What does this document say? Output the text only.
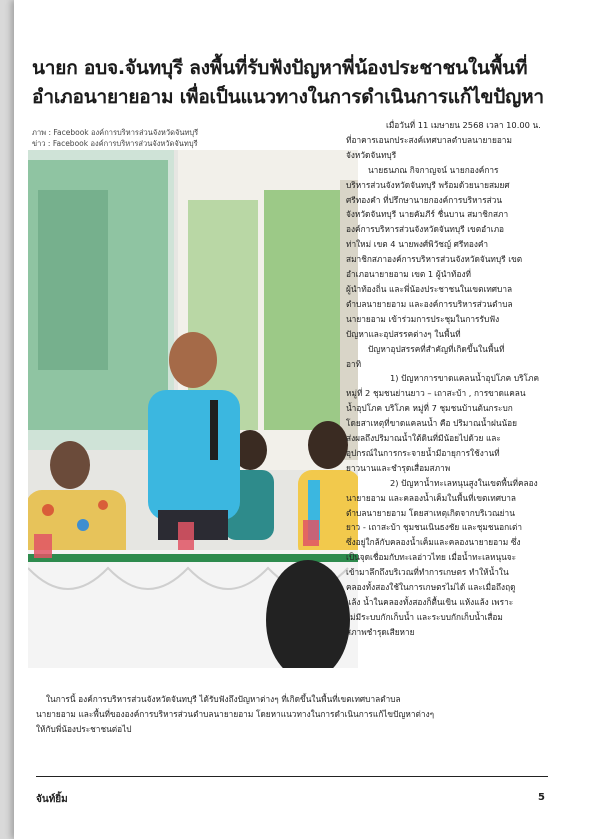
นายก อบจ.จันทบุรี ลงพื้นที่รับฟังปัญหาพี่น้องประชาชนในพื้นที่
อำเภอนายายอาม เพื่อเป็นแนวทางในการดำเนินการแก้ไขปัญหา
ภาพ : Facebook องค์การบริหารส่วนจังหวัดจันทบุรี
ข่าว : Facebook องค์การบริหารส่วนจังหวัดจันทบุรี
เมื่อวันที่ 11 เมษายน 2568 เวลา 10.00 น.
ที่อาคารเอนกประสงค์เทศบาลตำบลนายายอาม
จังหวัดจันทบุรี
นายธนภณ กิจกาญจน์ นายกองค์การ
บริหารส่วนจังหวัดจันทบุรี พร้อมด้วยนายสมยศ
ศรีทองคำ ที่ปรึกษานายกองค์การบริหารส่วน
จังหวัดจันทบุรี นายคัมภีร์ ชื่นบาน สมาชิกสภา
องค์การบริหารส่วนจังหวัดจันทบุรี เขตอำเภอ
ท่าใหม่ เขต 4 นายพงศ์พิวัชญ์ ศรีทองคำ
สมาชิกสภาองค์การบริหารส่วนจังหวัดจันทบุรี เขต
อำเภอนายายอาม เขต 1 ผู้นำท้องที่
ผู้นำท้องถิ่น และพี่น้องประชาชนในเขตเทศบาล
ตำบลนายายอาม และองค์การบริหารส่วนตำบล
นายายอาม เข้าร่วมการประชุมในการรับฟัง
ปัญหาและอุปสรรคต่างๆ ในพื้นที่
ปัญหาอุปสรรคที่สำคัญที่เกิดขึ้นในพื้นที่
อาทิ
1) ปัญหาการขาดแคลนน้ำอุปโภค บริโภค
หมู่ที่ 2 ชุมชนย่านยาว – เถาสะบ้า , การขาดแคลน
น้ำอุปโภค บริโภค หมู่ที่ 7 ชุมชนบ้านต้นกระบก
โดยสาเหตุที่ขาดแคลนน้ำ คือ ปริมาณน้ำฝนน้อย
ส่งผลถึงปริมาณน้ำใต้ดินที่มีน้อยไปด้วย และ
อุปกรณ์ในการกระจายน้ำมีอายุการใช้งานที่
ยาวนานและชำรุดเสื่อมสภาพ
2) ปัญหาน้ำทะเลหนุนสูงในเขตพื้นที่คลอง
นายายอาม และคลองน้ำเค็มในพื้นที่เขตเทศบาล
ตำบลนายายอาม โดยสาเหตุเกิดจากบริเวณย่าน
ยาว - เถาสะบ้า ชุมชนเนินธงชัย และชุมชนอกเต่า
ซึ่งอยู่ใกล้กับคลองน้ำเค็มและคลองนายายอาม ซึ่ง
เป็นจุดเชื่อมกับทะเลอ่าวไทย เมื่อน้ำทะเลหนุนจะ
เข้ามาลึกถึงบริเวณที่ทำการเกษตร ทำให้น้ำใน
คลองทั้งสองใช้ในการเกษตรไม่ได้ และเมื่อถึงฤดู
แล้ง น้ำในคลองทั้งสองก็ตื้นเขิน แห้งแล้ง เพราะ
ไม่มีระบบกักเก็บน้ำ และระบบกักเก็บน้ำเสื่อม
สภาพชำรุดเสียหาย
ในการนี้ องค์การบริหารส่วนจังหวัดจันทบุรี ได้รับฟังถึงปัญหาต่างๆ ที่เกิดขึ้นในพื้นที่เขตเทศบาลตำบล
นายายอาม และพื้นที่ขององค์การบริหารส่วนตำบลนายายอาม โดยหาแนวทางในการดำเนินการแก้ไขปัญหาต่างๆ
ให้กับพี่น้องประชาชนต่อไป
จันท์ยิ้ม	5
